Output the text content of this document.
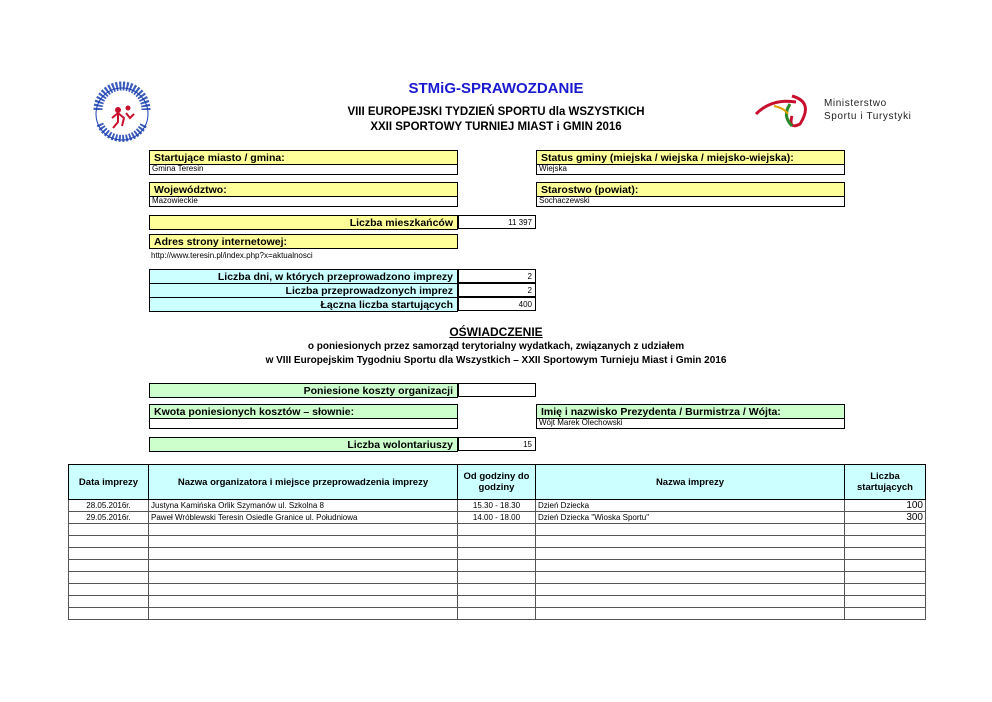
STMiG-SPRAWOZDANIE
VIII EUROPEJSKI TYDZIEŃ SPORTU dla WSZYSTKICH
XXII SPORTOWY TURNIEJ MIAST i GMIN 2016
Ministerstwo
Sportu i Turystyki
Startujące miasto / gmina:
Gmina Teresin
Status gminy (miejska / wiejska / miejsko-wiejska):
Wiejska
Województwo:
Mazowieckie
Starostwo (powiat):
Sochaczewski
Liczba mieszkańców	11 397
Adres strony internetowej:
http://www.teresin.pl/index.php?x=aktualnosci
Liczba dni, w których przeprowadzono imprezy	2
Liczba przeprowadzonych imprez	2
Łączna liczba startujących	400
OŚWIADCZENIE
o poniesionych przez samorząd terytorialny wydatkach, związanych z udziałem
w VIII Europejskim Tygodniu Sportu dla Wszystkich – XXII Sportowym Turnieju Miast i Gmin 2016
Poniesione koszty organizacji
Kwota poniesionych kosztów – słownie:	Imię i nazwisko Prezydenta / Burmistrza / Wójta:
Wójt Marek Olechowski
Liczba wolontariuszy	15
Data imprezy	Nazwa organizatora i miejsce przeprowadzenia imprezy	Od godziny do godziny	Nazwa imprezy	Liczba startujących
28.05.2016r.	Justyna Kamińska Orlik Szymanów ul. Szkolna 8	15.30 - 18.30	Dzień Dziecka	100
29.05.2016r.	Paweł Wróblewski Teresin Osiedle Granice ul. Południowa	14.00 - 18.00	Dzień Dziecka "Wioska Sportu"	300
